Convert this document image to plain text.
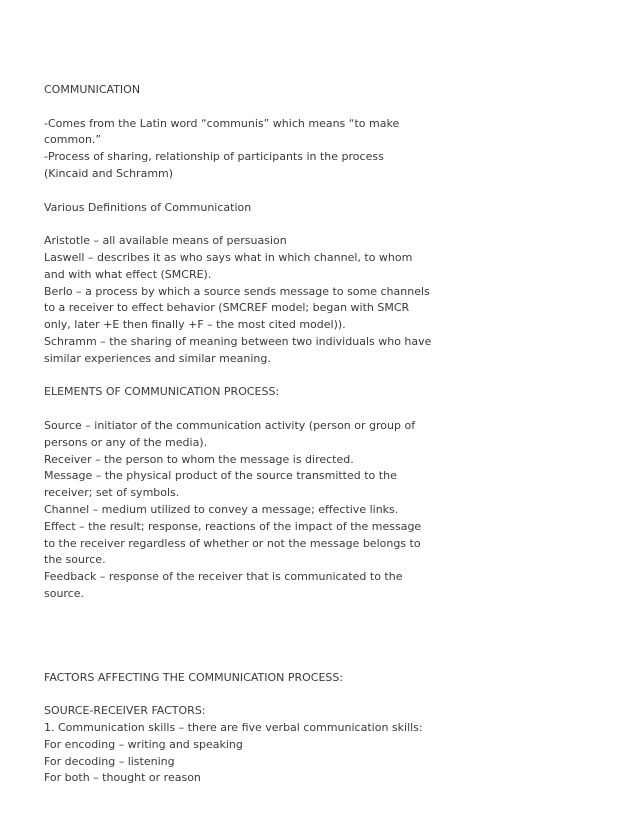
COMMUNICATION
-Comes from the Latin word “communis” which means “to make
common.”
-Process of sharing, relationship of participants in the process
(Kincaid and Schramm)
Various Definitions of Communication
Aristotle – all available means of persuasion
Laswell – describes it as who says what in which channel, to whom
and with what effect (SMCRE).
Berlo – a process by which a source sends message to some channels
to a receiver to effect behavior (SMCREF model; began with SMCR
only, later +E then finally +F – the most cited model)).
Schramm – the sharing of meaning between two individuals who have
similar experiences and similar meaning.
ELEMENTS OF COMMUNICATION PROCESS:
Source – initiator of the communication activity (person or group of
persons or any of the media).
Receiver – the person to whom the message is directed.
Message – the physical product of the source transmitted to the
receiver; set of symbols.
Channel – medium utilized to convey a message; effective links.
Effect – the result; response, reactions of the impact of the message
to the receiver regardless of whether or not the message belongs to
the source.
Feedback – response of the receiver that is communicated to the
source.
FACTORS AFFECTING THE COMMUNICATION PROCESS:
SOURCE-RECEIVER FACTORS:
1. Communication skills – there are five verbal communication skills:
For encoding – writing and speaking
For decoding – listening
For both – thought or reason
